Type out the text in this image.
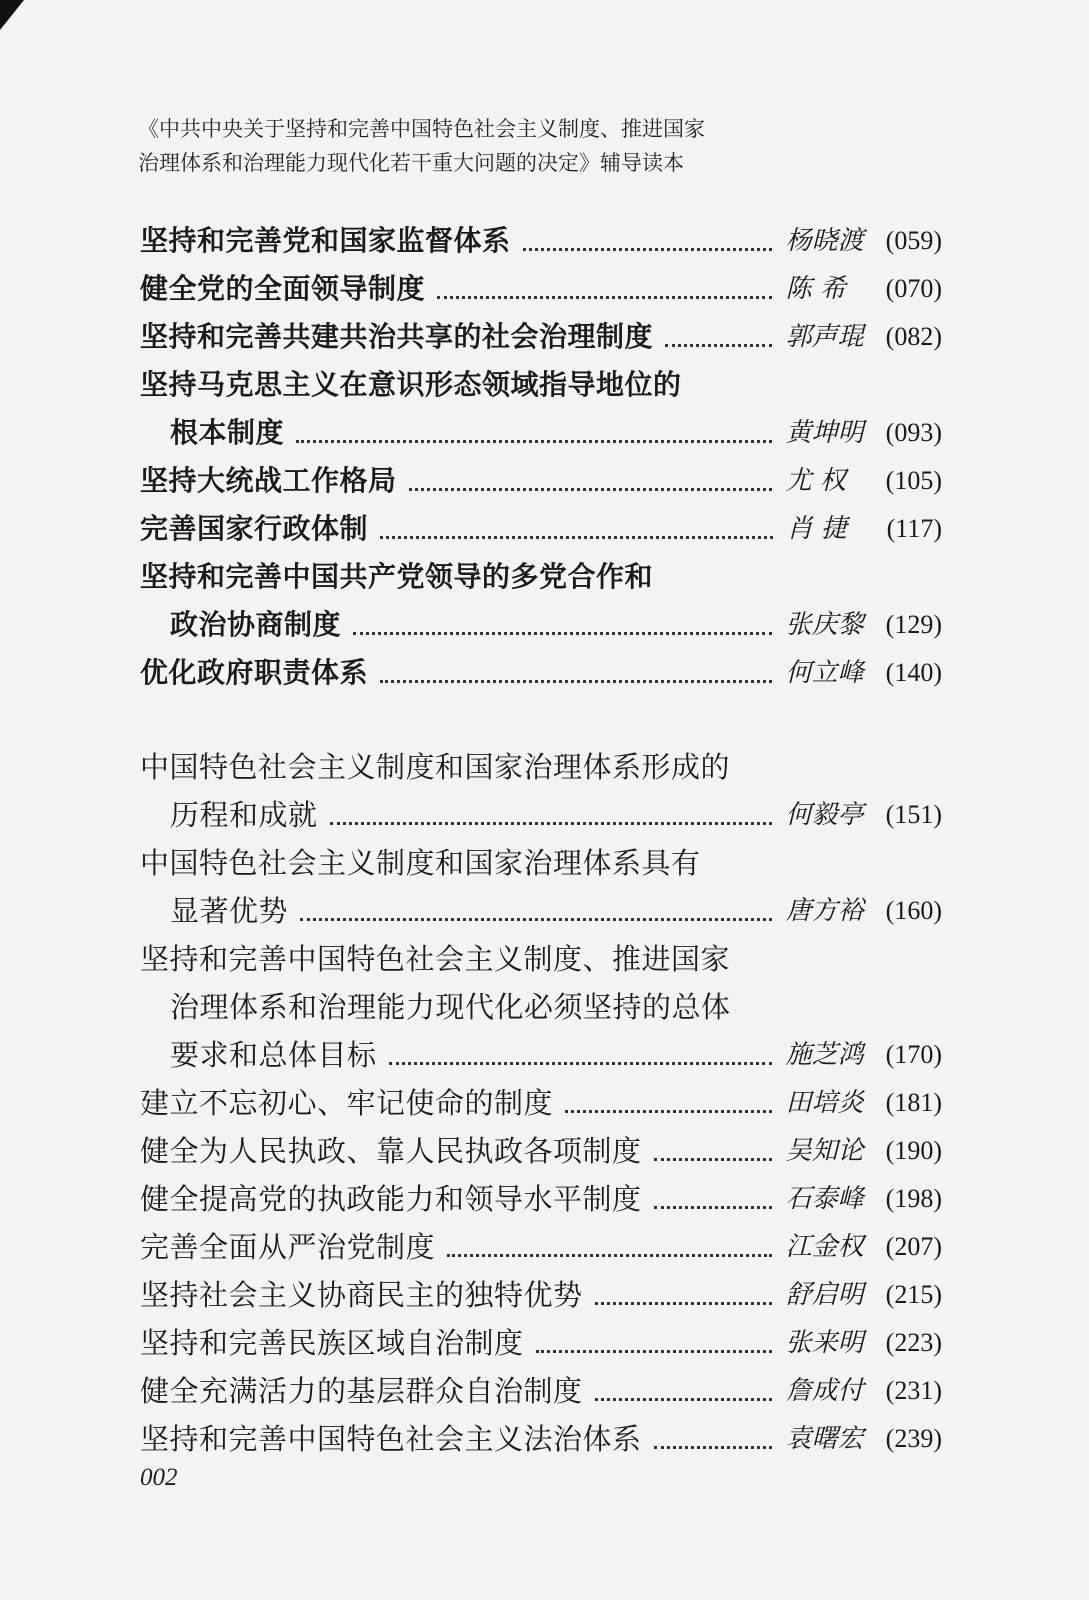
《中共中央关于坚持和完善中国特色社会主义制度、推进国家
治理体系和治理能力现代化若干重大问题的决定》辅导读本
坚持和完善党和国家监督体系	杨晓渡 (059)
健全党的全面领导制度	陈 希	(070)
坚持和完善共建共治共享的社会治理制度	郭声琨 (082)
坚持马克思主义在意识形态领域指导地位的
根本制度	黄坤明 (093)
坚持大统战工作格局	尤 权	(105)
完善国家行政体制	肖 捷	(117)
坚持和完善中国共产党领导的多党合作和
政治协商制度	张庆黎 (129)
优化政府职责体系	何立峰 (140)
中国特色社会主义制度和国家治理体系形成的
历程和成就	何毅亭 (151)
中国特色社会主义制度和国家治理体系具有
显著优势	唐方裕 (160)
坚持和完善中国特色社会主义制度、推进国家
治理体系和治理能力现代化必须坚持的总体
要求和总体目标	施芝鸿 (170)
建立不忘初心、牢记使命的制度	田培炎 (181)
健全为人民执政、靠人民执政各项制度	吴知论 (190)
健全提高党的执政能力和领导水平制度	石泰峰 (198)
完善全面从严治党制度	江金权 (207)
坚持社会主义协商民主的独特优势	舒启明 (215)
坚持和完善民族区域自治制度	张来明 (223)
健全充满活力的基层群众自治制度	詹成付 (231)
坚持和完善中国特色社会主义法治体系	袁曙宏 (239)
002
